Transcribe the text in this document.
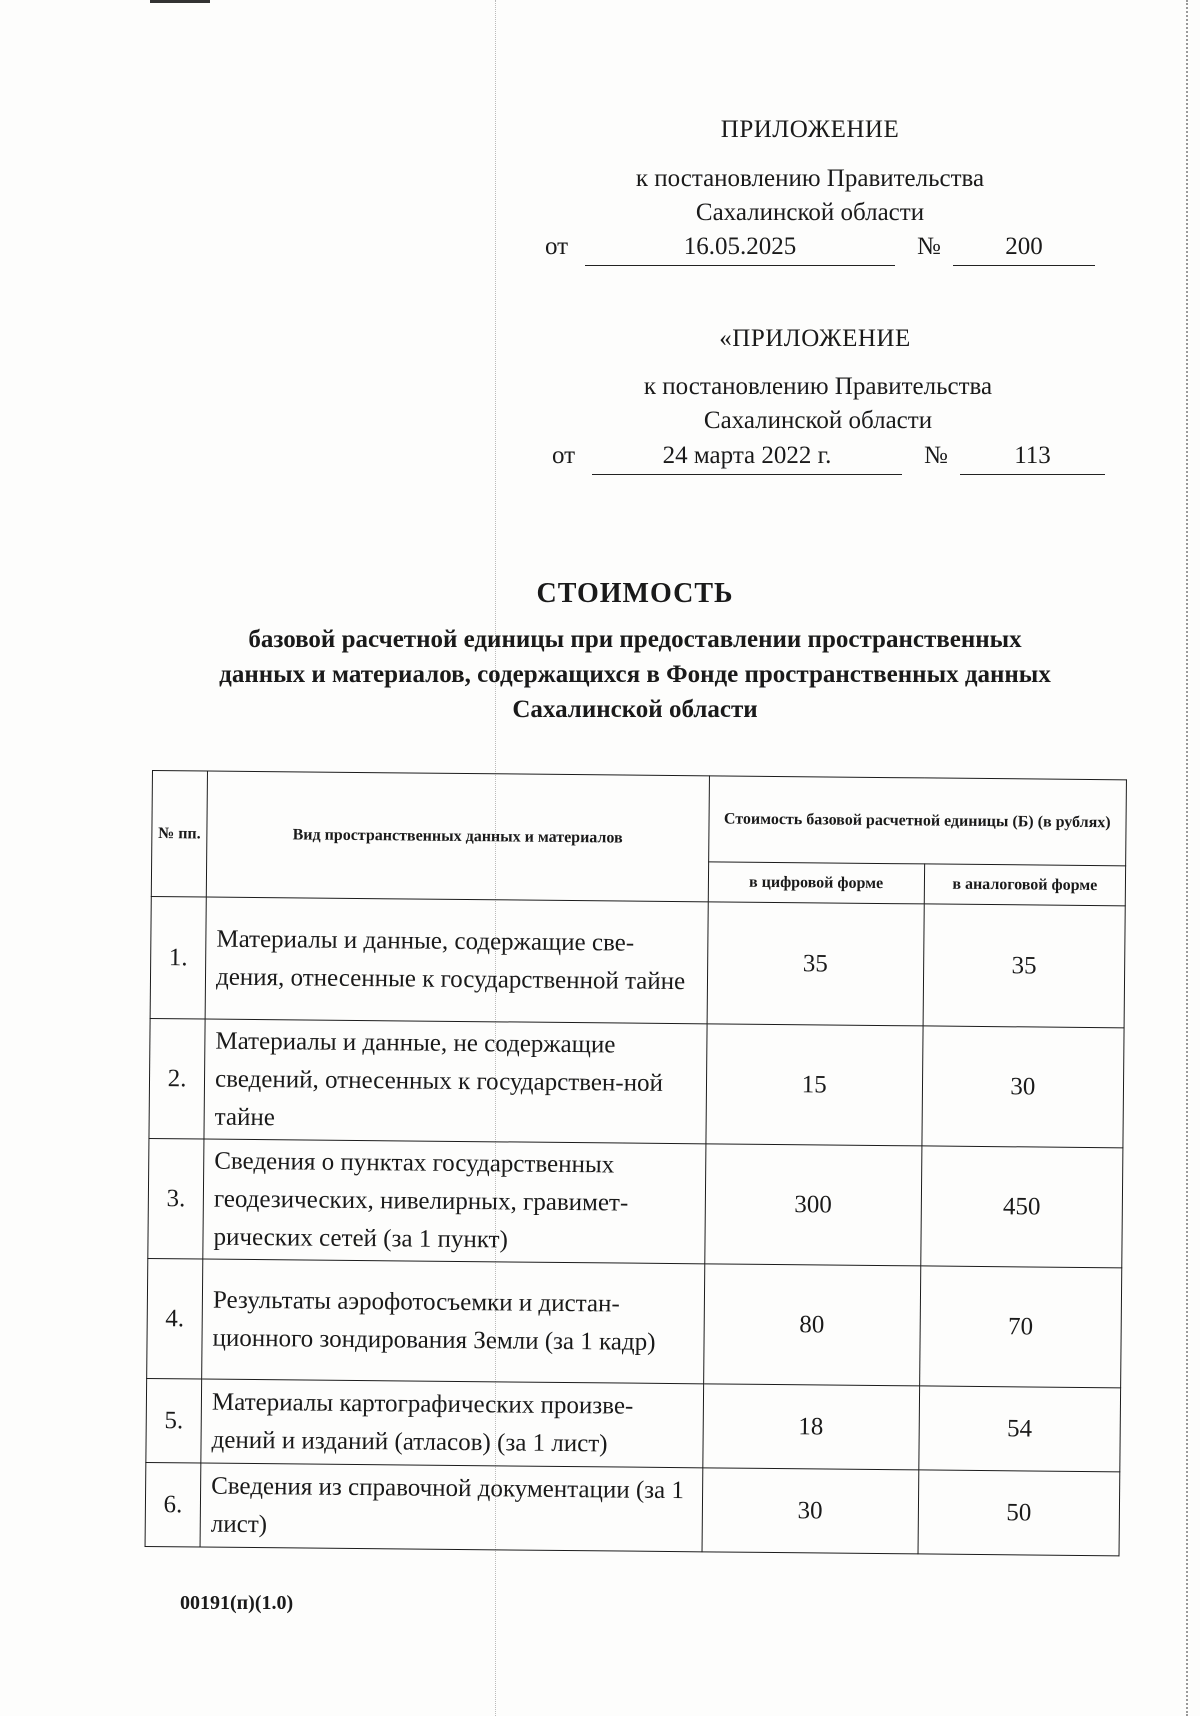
ПРИЛОЖЕНИЕ
к постановлению Правительства
Сахалинской области
от	16.05.2025	№	200
«ПРИЛОЖЕНИЕ
к постановлению Правительства
Сахалинской области
от	24 марта 2022 г.	№	113
СТОИМОСТЬ
базовой расчетной единицы при предоставлении пространственных
данных и материалов, содержащихся в Фонде пространственных данных
Сахалинской области
№ пп.	Вид пространственных данных и материалов	Стоимость базовой расчетной единицы (Б) (в рублях)	
		в цифровой форме	в аналоговой форме
1.	Материалы и данные, содержащие све-дения, отнесенные к государственной тайне	35	35
2.	Материалы и данные, не содержащие сведений, отнесенных к государствен-ной тайне	15	30
3.	Сведения о пунктах государственных геодезических, нивелирных, гравимет-рических сетей (за 1 пункт)	300	450
4.	Результаты аэрофотосъемки и дистан-ционного зондирования Земли (за 1 кадр)	80	70
5.	Материалы картографических произве-дений и изданий (атласов) (за 1 лист)	18	54
6.	Сведения из справочной документации (за 1 лист)	30	50
00191(п)(1.0)
